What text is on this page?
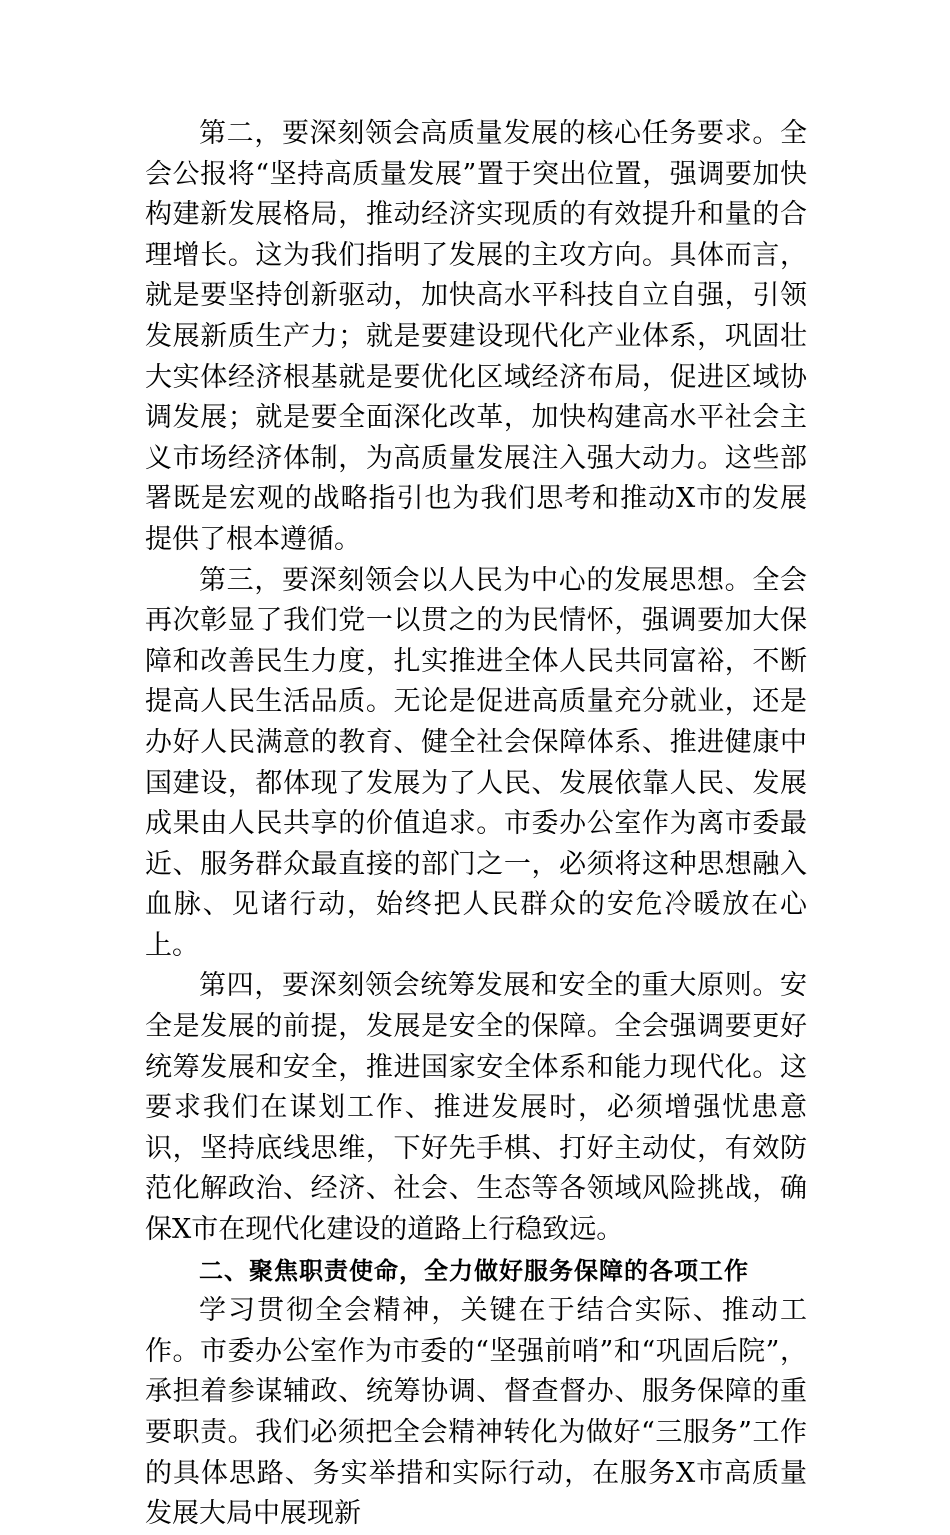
第二，要深刻领会高质量发展的核心任务要求。全会公报将“坚持高质量发展”置于突出位置，强调要加快构建新发展格局，推动经济实现质的有效提升和量的合理增长。这为我们指明了发展的主攻方向。具体而言，就是要坚持创新驱动，加快高水平科技自立自强，引领发展新质生产力；就是要建设现代化产业体系，巩固壮大实体经济根基就是要优化区域经济布局，促进区域协调发展；就是要全面深化改革，加快构建高水平社会主义市场经济体制，为高质量发展注入强大动力。这些部署既是宏观的战略指引也为我们思考和推动X市的发展提供了根本遵循。

第三，要深刻领会以人民为中心的发展思想。全会再次彰显了我们党一以贯之的为民情怀，强调要加大保障和改善民生力度，扎实推进全体人民共同富裕，不断提高人民生活品质。无论是促进高质量充分就业，还是办好人民满意的教育、健全社会保障体系、推进健康中国建设，都体现了发展为了人民、发展依靠人民、发展成果由人民共享的价值追求。市委办公室作为离市委最近、服务群众最直接的部门之一，必须将这种思想融入血脉、见诸行动，始终把人民群众的安危冷暖放在心上。

第四，要深刻领会统筹发展和安全的重大原则。安全是发展的前提，发展是安全的保障。全会强调要更好统筹发展和安全，推进国家安全体系和能力现代化。这要求我们在谋划工作、推进发展时，必须增强忧患意识，坚持底线思维，下好先手棋、打好主动仗，有效防范化解政治、经济、社会、生态等各领域风险挑战，确保X市在现代化建设的道路上行稳致远。

二、聚焦职责使命，全力做好服务保障的各项工作

学习贯彻全会精神，关键在于结合实际、推动工作。市委办公室作为市委的“坚强前哨”和“巩固后院”，承担着参谋辅政、统筹协调、督查督办、服务保障的重要职责。我们必须把全会精神转化为做好“三服务”工作的具体思路、务实举措和实际行动，在服务X市高质量发展大局中展现新
